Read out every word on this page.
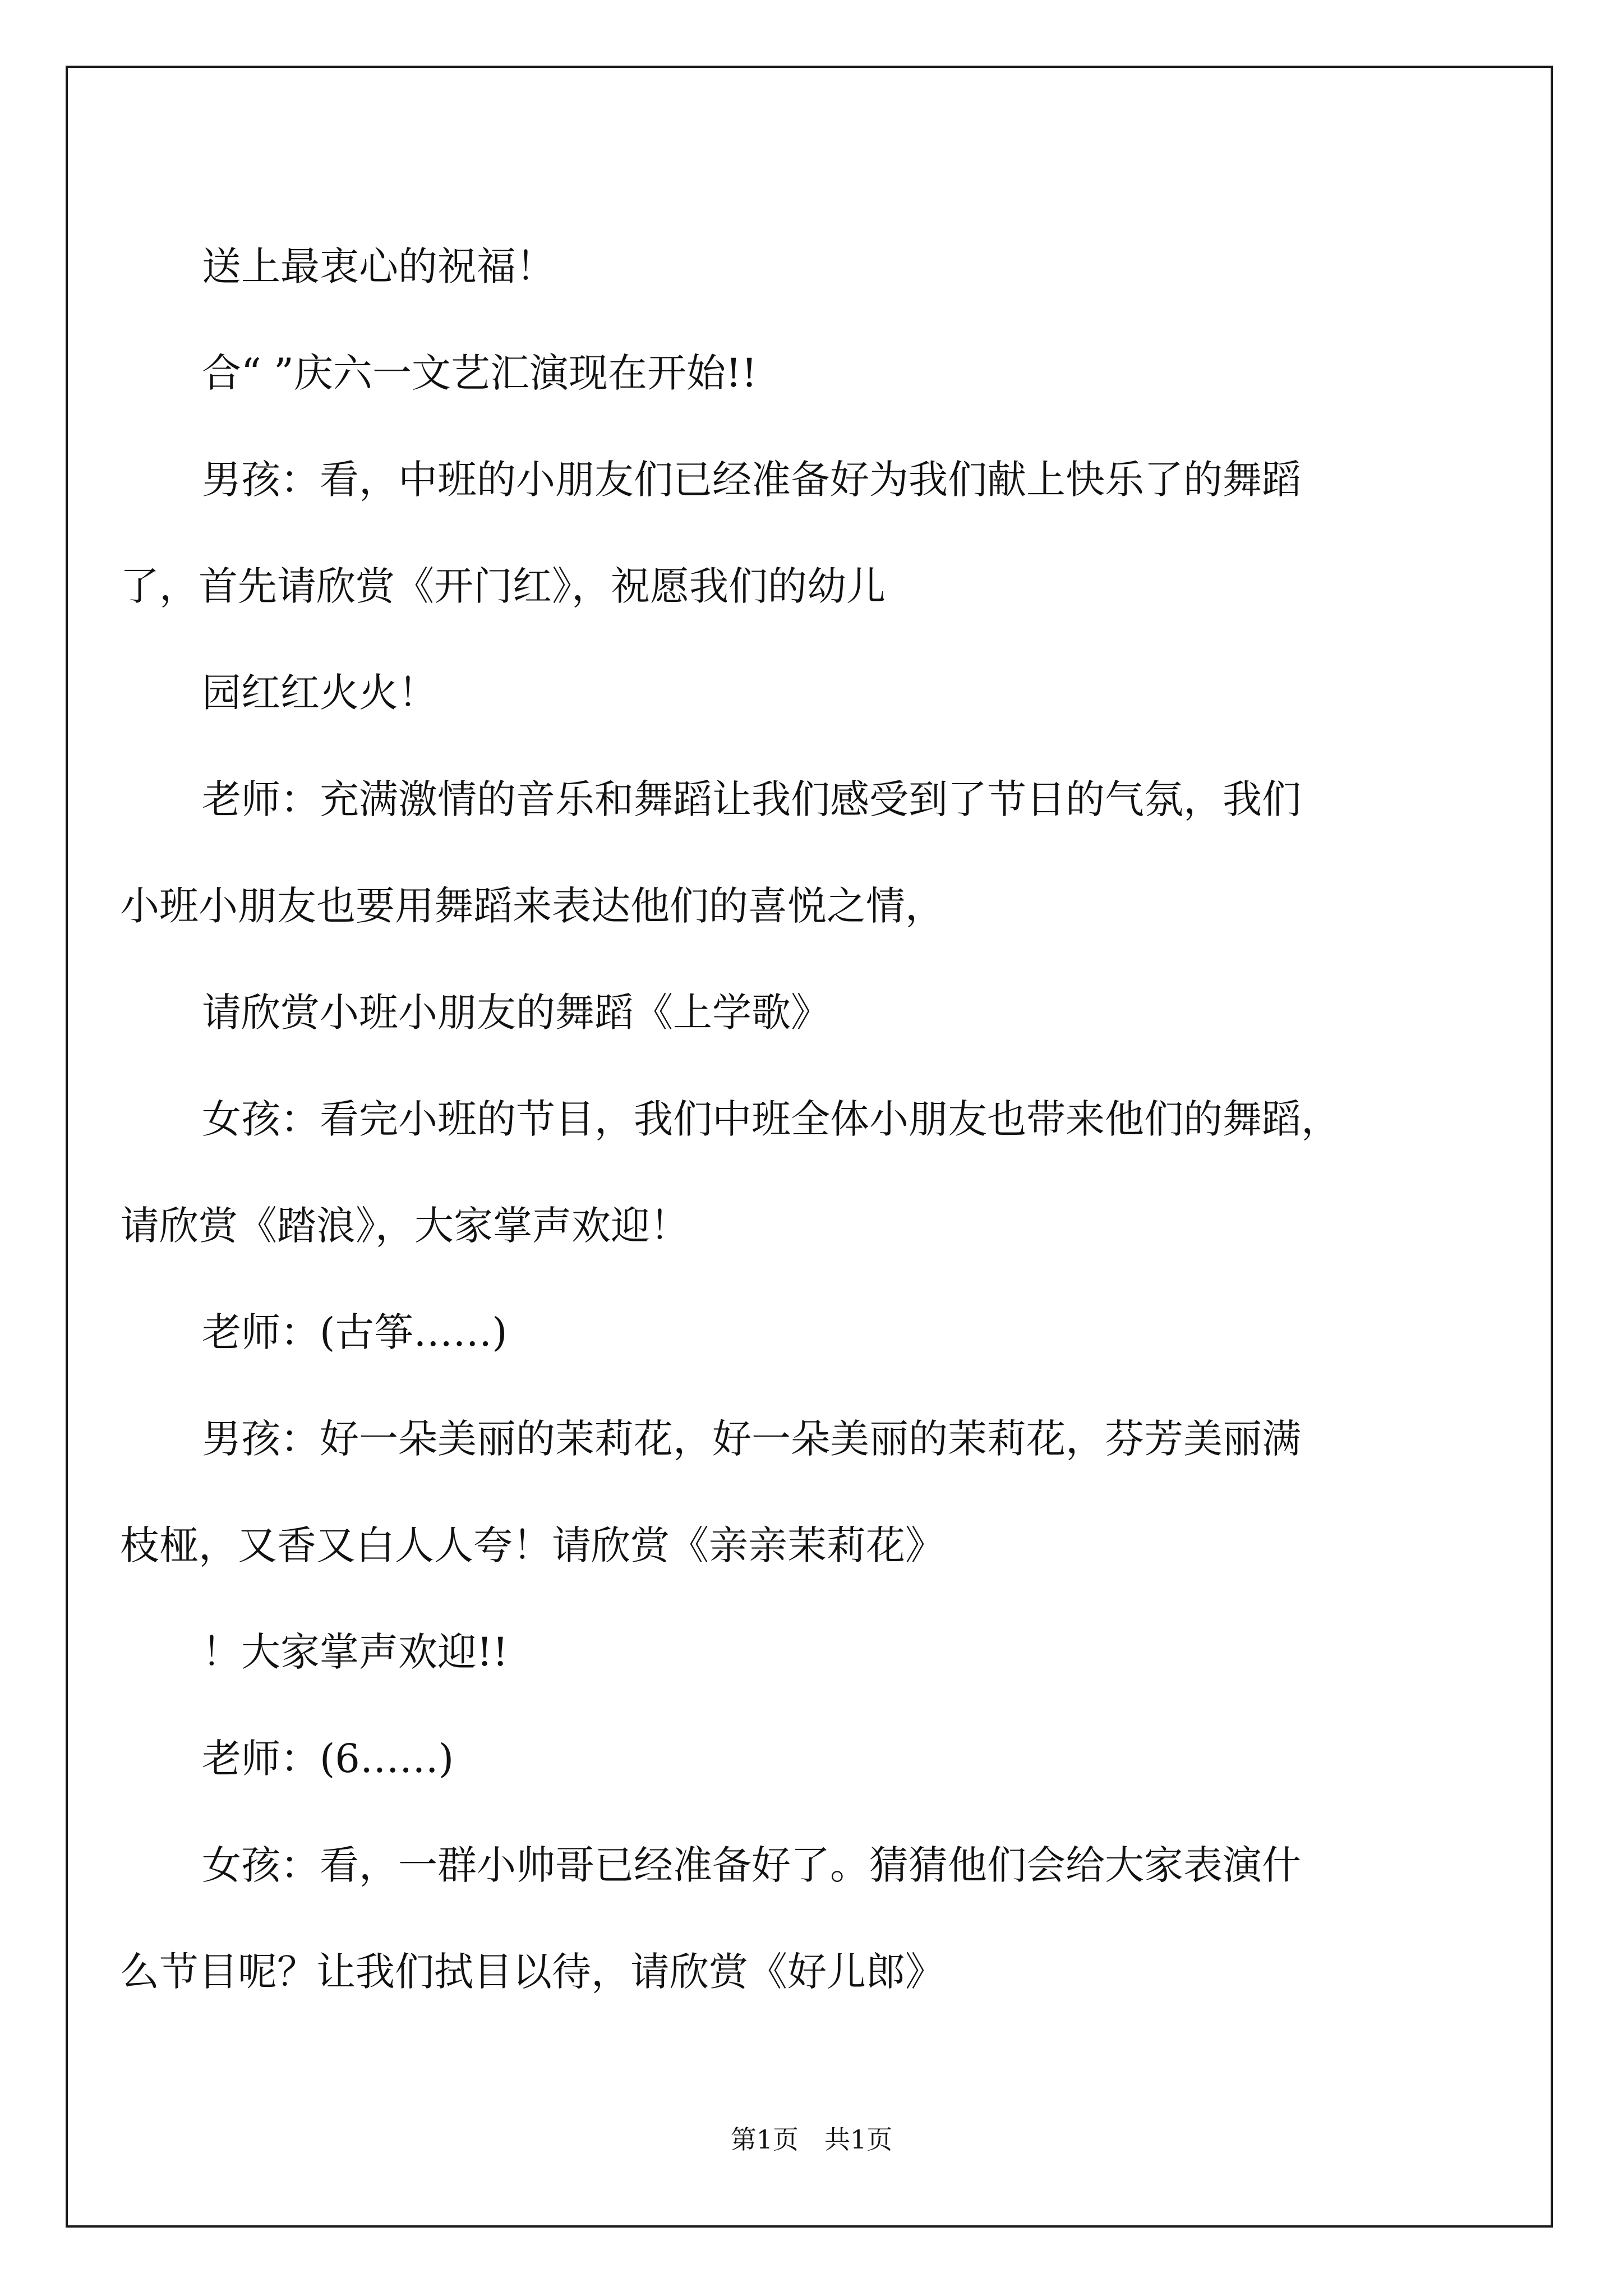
送上最衷心的祝福！

合“ ”庆六一文艺汇演现在开始!!

男孩：看，中班的小朋友们已经准备好为我们献上快乐了的舞蹈

了，首先请欣赏《开门红》，祝愿我们的幼儿

园红红火火！

老师：充满激情的音乐和舞蹈让我们感受到了节日的气氛，我们

小班小朋友也要用舞蹈来表达他们的喜悦之情，

请欣赏小班小朋友的舞蹈《上学歌》

女孩：看完小班的节目，我们中班全体小朋友也带来他们的舞蹈，

请欣赏《踏浪》，大家掌声欢迎！

老师：(古筝……)

男孩：好一朵美丽的茉莉花，好一朵美丽的茉莉花，芬芳美丽满

枝桠，又香又白人人夸！请欣赏《亲亲茉莉花》

！大家掌声欢迎!!

老师：(6……)

女孩：看，一群小帅哥已经准备好了。猜猜他们会给大家表演什

么节目呢？让我们拭目以待，请欣赏《好儿郎》

第1页　共1页
